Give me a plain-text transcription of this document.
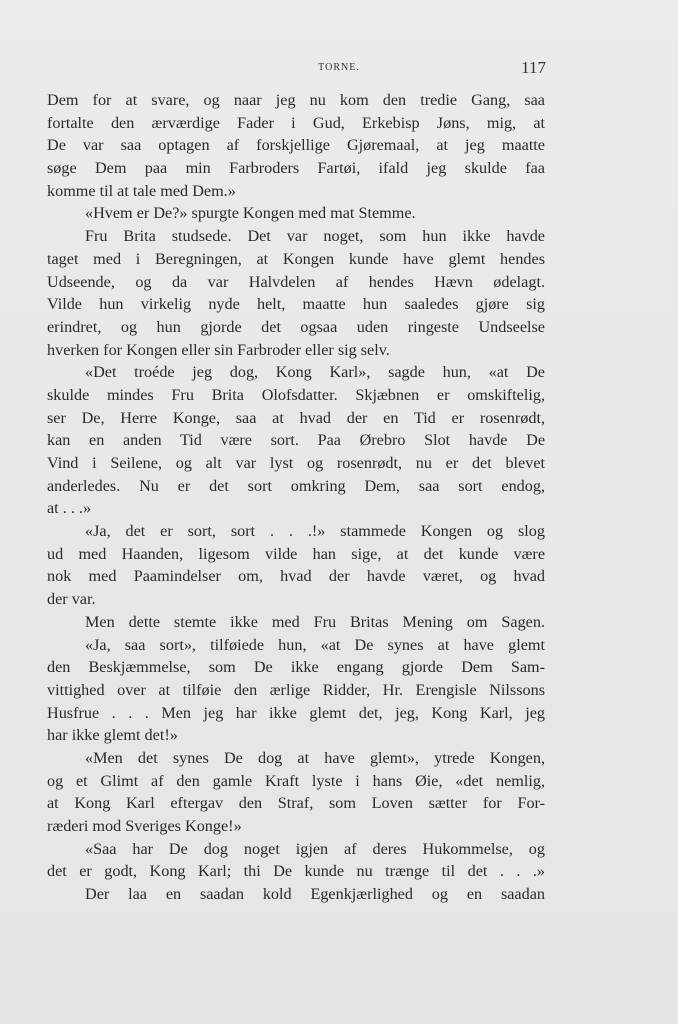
TORNE.	117
Dem for at svare, og naar jeg nu kom den tredie Gang, saa
fortalte den ærværdige Fader i Gud, Erkebisp Jøns, mig, at
De var saa optagen af forskjellige Gjøremaal, at jeg maatte
søge Dem paa min Farbroders Fartøi, ifald jeg skulde faa
komme til at tale med Dem.»
«Hvem er De?» spurgte Kongen med mat Stemme.
Fru Brita studsede. Det var noget, som hun ikke havde
taget med i Beregningen, at Kongen kunde have glemt hendes
Udseende, og da var Halvdelen af hendes Hævn ødelagt.
Vilde hun virkelig nyde helt, maatte hun saaledes gjøre sig
erindret, og hun gjorde det ogsaa uden ringeste Undseelse
hverken for Kongen eller sin Farbroder eller sig selv.
«Det troéde jeg dog, Kong Karl», sagde hun, «at De
skulde mindes Fru Brita Olofsdatter. Skjæbnen er omskiftelig,
ser De, Herre Konge, saa at hvad der en Tid er rosenrødt,
kan en anden Tid være sort. Paa Ørebro Slot havde De
Vind i Seilene, og alt var lyst og rosenrødt, nu er det blevet
anderledes. Nu er det sort omkring Dem, saa sort endog,
at . . .»
«Ja, det er sort, sort . . .!» stammede Kongen og slog
ud med Haanden, ligesom vilde han sige, at det kunde være
nok med Paamindelser om, hvad der havde været, og hvad
der var.
Men dette stemte ikke med Fru Britas Mening om Sagen.
«Ja, saa sort», tilføiede hun, «at De synes at have glemt
den Beskjæmmelse, som De ikke engang gjorde Dem Sam-
vittighed over at tilføie den ærlige Ridder, Hr. Erengisle Nilssons
Husfrue . . . Men jeg har ikke glemt det, jeg, Kong Karl, jeg
har ikke glemt det!»
«Men det synes De dog at have glemt», ytrede Kongen,
og et Glimt af den gamle Kraft lyste i hans Øie, «det nemlig,
at Kong Karl eftergav den Straf, som Loven sætter for For-
ræderi mod Sveriges Konge!»
«Saa har De dog noget igjen af deres Hukommelse, og
det er godt, Kong Karl; thi De kunde nu trænge til det . . .»
Der laa en saadan kold Egenkjærlighed og en saadan
